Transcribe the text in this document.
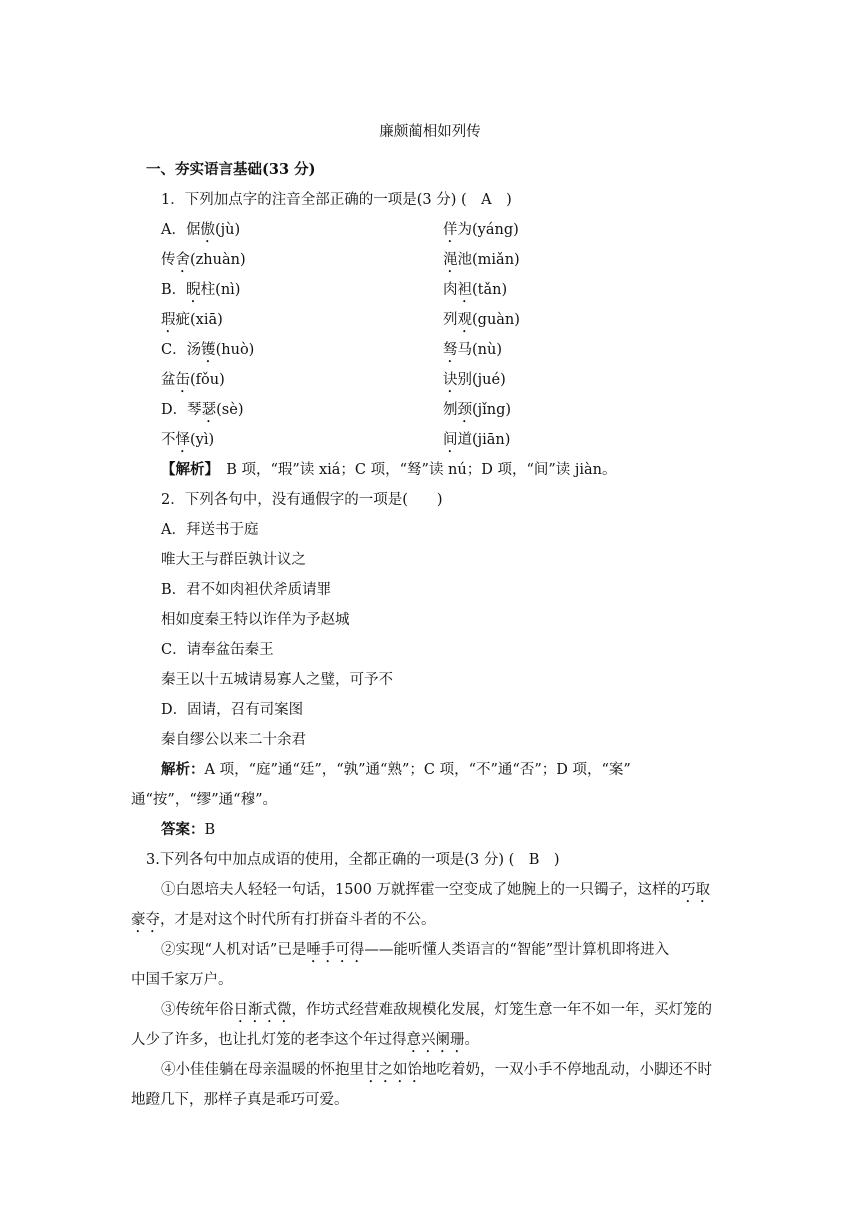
廉颇蔺相如列传
一、夯实语言基础(33 分)
1．下列加点字的注音全部正确的一项是(3 分) (　A　)
A．倨傲(jù)	佯为(yáng)
传舍(zhuàn)	渑池(miǎn)
B．睨柱(nì)	肉袒(tǎn)
瑕疵(xiā)	列观(guàn)
C．汤镬(huò)	驽马(nù)
盆缶(fǒu)	诀别(jué)
D．琴瑟(sè)	刎颈(jǐng)
不怿(yì)	间道(jiān)
【解析】　B 项，“瑕”读 xiá；C 项，“驽”读 nú；D 项，“间”读 jiàn。
2．下列各句中，没有通假字的一项是(　　)
A．拜送书于庭
唯大王与群臣孰计议之
B．君不如肉袒伏斧质请罪
相如度秦王特以诈佯为予赵城
C．请奉盆缶秦王
秦王以十五城请易寡人之璧，可予不
D．固请，召有司案图
秦自缪公以来二十余君
解析：A 项，“庭”通“廷”，“孰”通“熟”；C 项，“不”通“否”；D 项，“案”
通“按”，“缪”通“穆”。
答案：B
3.下列各句中加点成语的使用，全都正确的一项是(3 分) (　B　)
①白恩培夫人轻轻一句话，1500 万就挥霍一空变成了她腕上的一只镯子，这样的巧取
豪夺，才是对这个时代所有打拼奋斗者的不公。
②实现“人机对话”已是唾手可得——能听懂人类语言的“智能”型计算机即将进入
中国千家万户。
③传统年俗日渐式微，作坊式经营难敌规模化发展，灯笼生意一年不如一年，买灯笼的
人少了许多，也让扎灯笼的老李这个年过得意兴阑珊。
④小佳佳躺在母亲温暖的怀抱里甘之如饴地吃着奶，一双小手不停地乱动，小脚还不时
地蹬几下，那样子真是乖巧可爱。
